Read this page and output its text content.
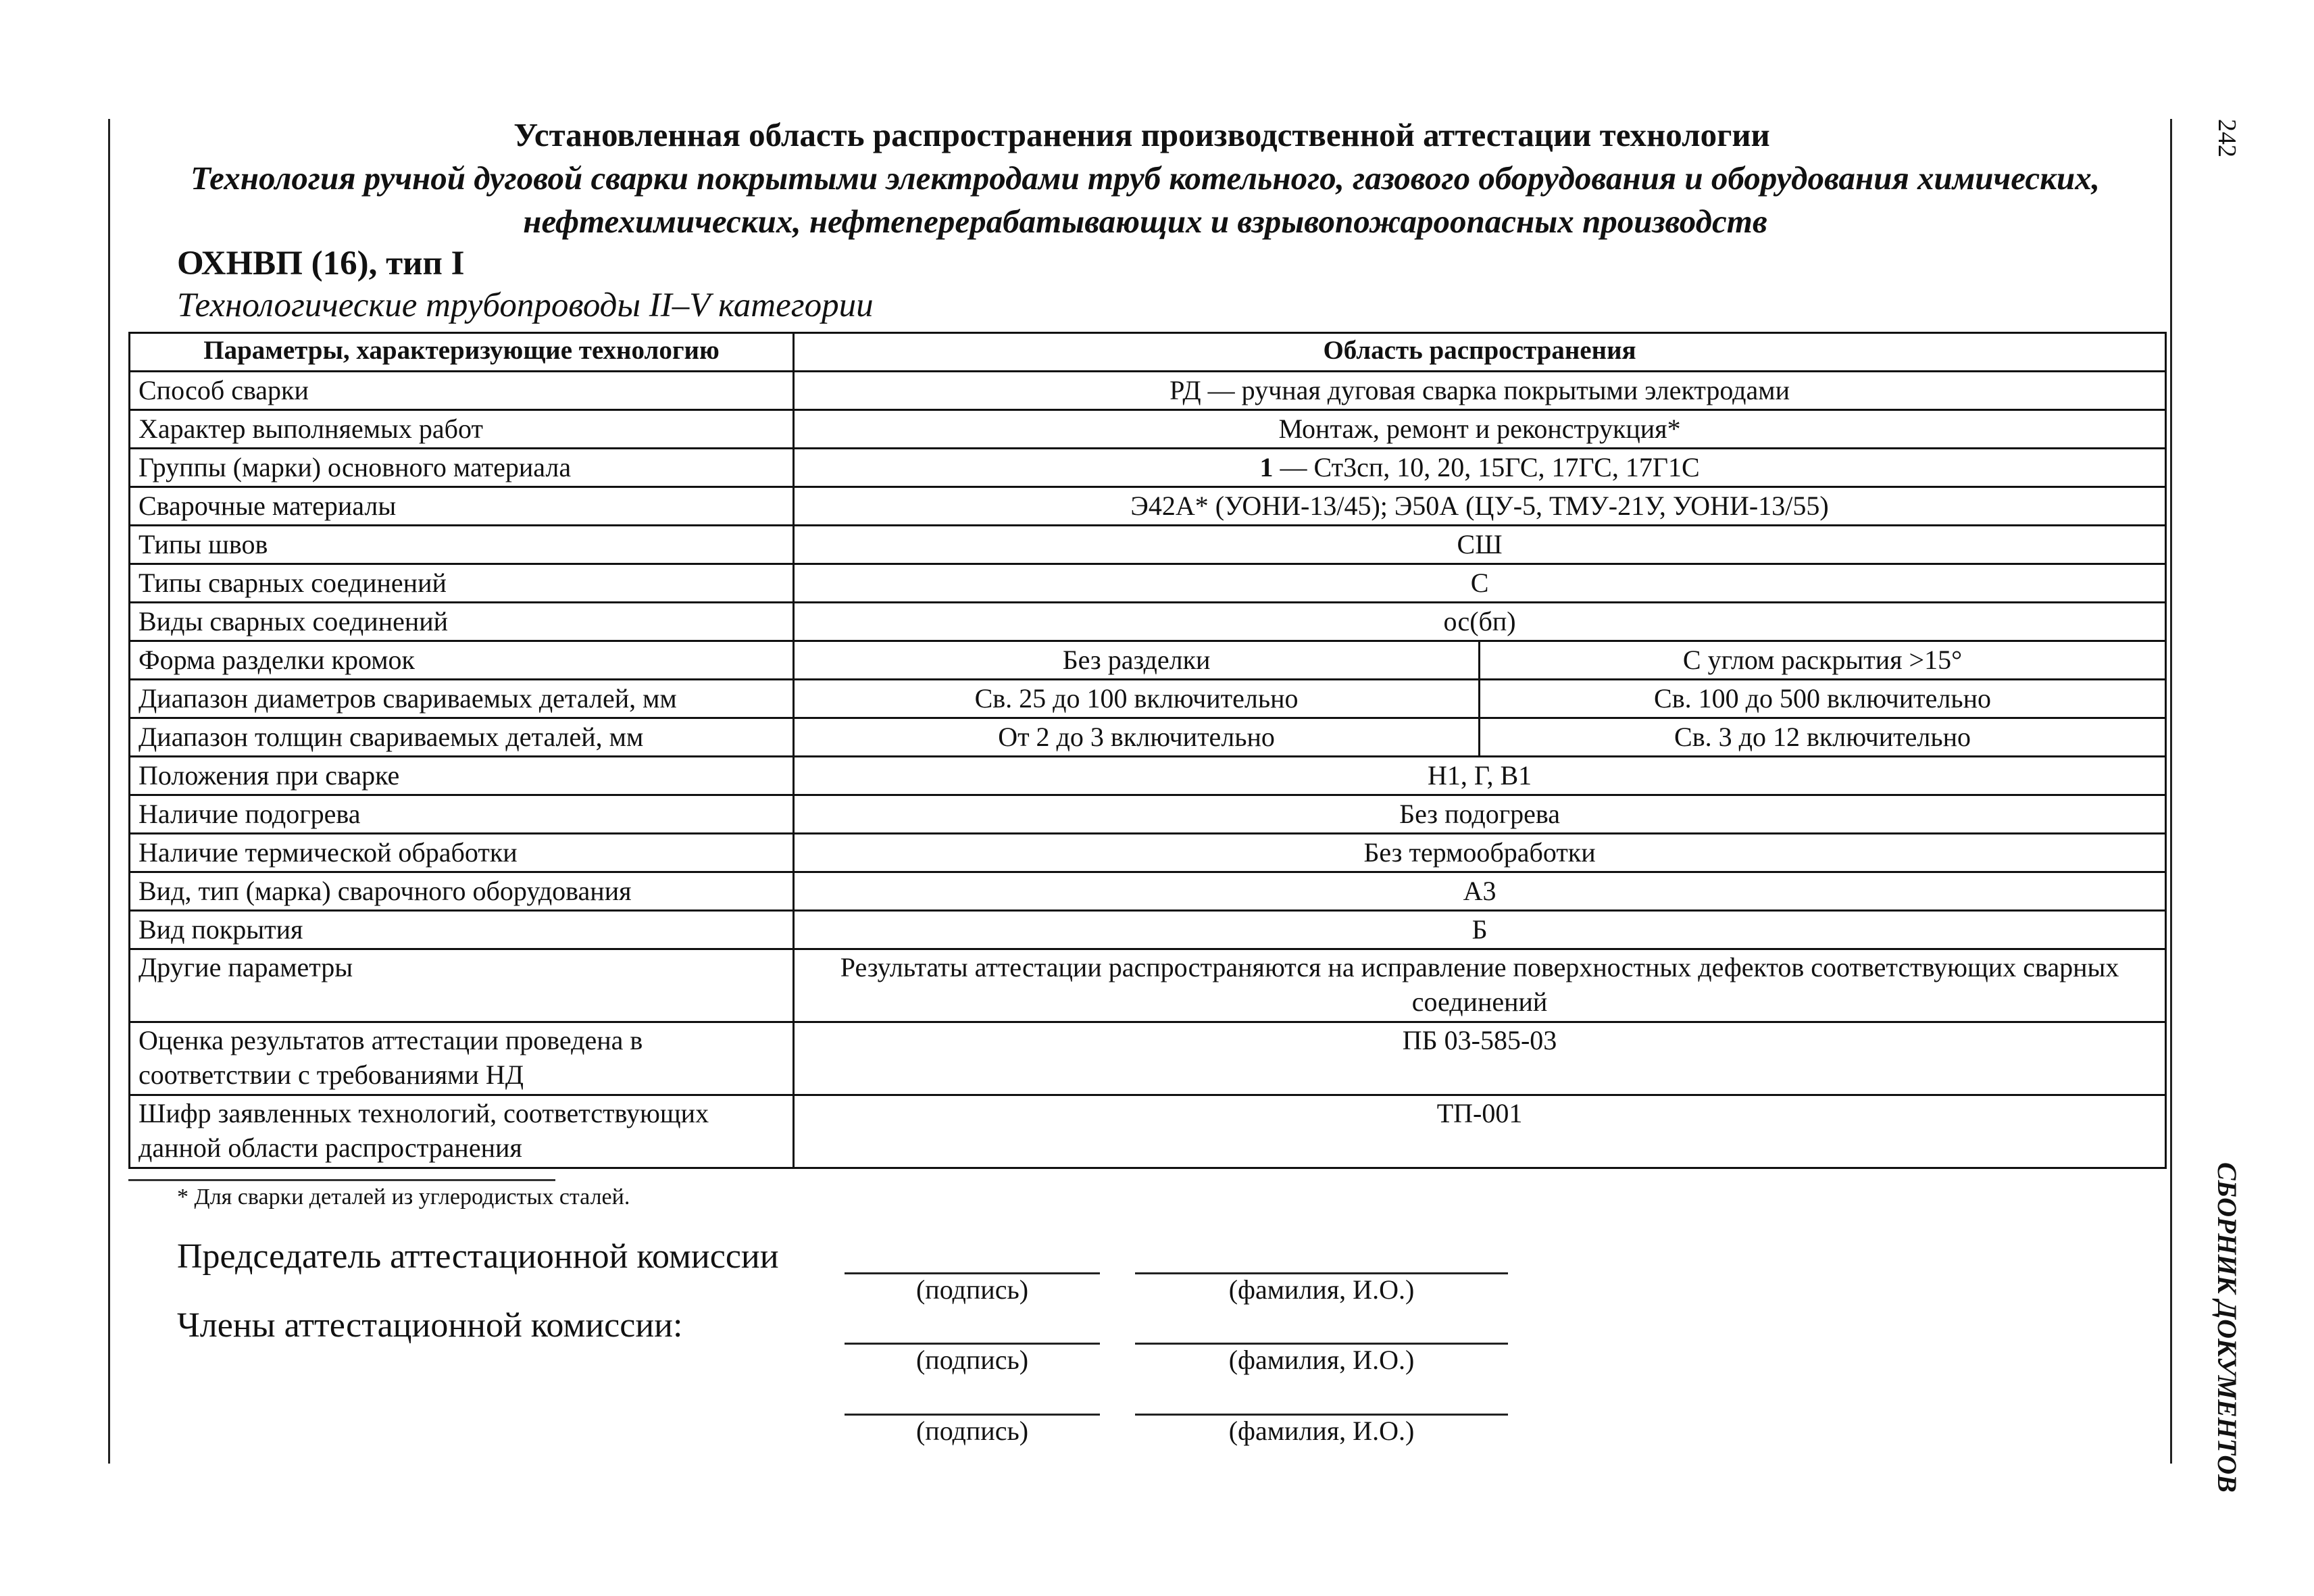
Установленная область распространения производственной аттестации технологии
Технология ручной дуговой сварки покрытыми электродами труб котельного, газового оборудования и оборудования химических, нефтехимических, нефтеперерабатывающих и взрывопожароопасных производств
ОХНВП (16), тип I
Технологические трубопроводы II–V категории
242
СБОРНИК ДОКУМЕНТОВ
Параметры, характеризующие технологию	Область распространения	
Способ сварки	РД — ручная дуговая сварка покрытыми электродами	
Характер выполняемых работ	Монтаж, ремонт и реконструкция*	
Группы (марки) основного материала	1 — Ст3сп, 10, 20, 15ГС, 17ГС, 17Г1С	
Сварочные материалы	Э42А* (УОНИ-13/45); Э50А (ЦУ-5, ТМУ-21У, УОНИ-13/55)	
Типы швов	СШ	
Типы сварных соединений	С	
Виды сварных соединений	ос(бп)	
Форма разделки кромок	Без разделки	С углом раскрытия >15°
Диапазон диаметров свариваемых деталей, мм	Св. 25 до 100 включительно	Св. 100 до 500 включительно
Диапазон толщин свариваемых деталей, мм	От 2 до 3 включительно	Св. 3 до 12 включительно
Положения при сварке	Н1, Г, В1	
Наличие подогрева	Без подогрева	
Наличие термической обработки	Без термообработки	
Вид, тип (марка) сварочного оборудования	А3	
Вид покрытия	Б	
Другие параметры	Результаты аттестации распространяются на исправление поверхностных дефектов соответствующих сварных соединений	
Оценка результатов аттестации проведена в соответствии с требованиями НД	ПБ 03-585-03	
Шифр заявленных технологий, соответствующих данной области распространения	ТП-001	
* Для сварки деталей из углеродистых сталей.
Председатель аттестационной комиссии
(подпись)	(фамилия, И.О.)
Члены аттестационной комиссии:
(подпись)	(фамилия, И.О.)
(подпись)	(фамилия, И.О.)
